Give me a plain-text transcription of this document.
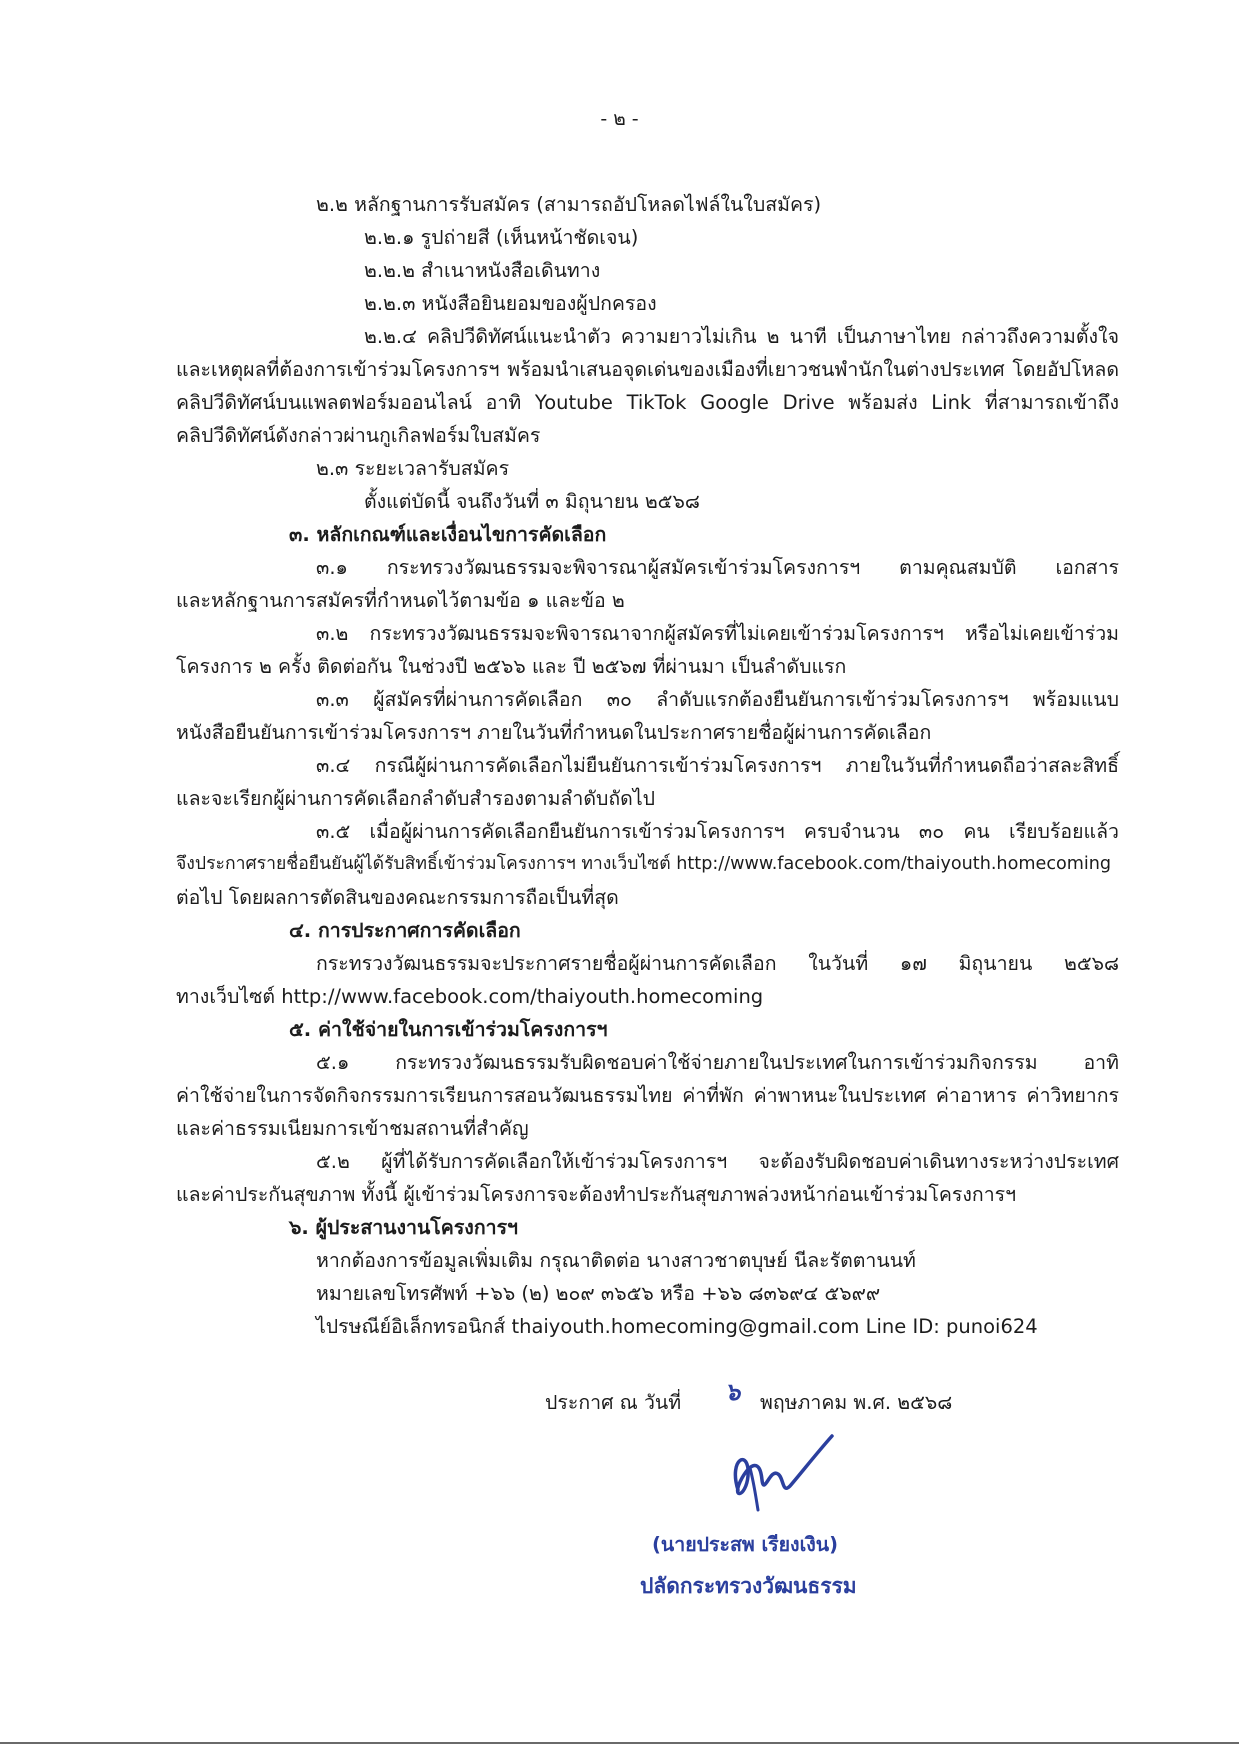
- ๒ -
๒.๒ หลักฐานการรับสมัคร (สามารถอัปโหลดไฟล์ในใบสมัคร)
๒.๒.๑ รูปถ่ายสี (เห็นหน้าชัดเจน)
๒.๒.๒ สำเนาหนังสือเดินทาง
๒.๒.๓ หนังสือยินยอมของผู้ปกครอง
๒.๒.๔ คลิปวีดิทัศน์แนะนำตัว ความยาวไม่เกิน ๒ นาที เป็นภาษาไทย กล่าวถึงความตั้งใจ
และเหตุผลที่ต้องการเข้าร่วมโครงการฯ พร้อมนำเสนอจุดเด่นของเมืองที่เยาวชนพำนักในต่างประเทศ โดยอัปโหลด
คลิปวีดิทัศน์บนแพลตฟอร์มออนไลน์ อาทิ Youtube TikTok Google Drive พร้อมส่ง Link ที่สามารถเข้าถึง
คลิปวีดิทัศน์ดังกล่าวผ่านกูเกิลฟอร์มใบสมัคร
๒.๓ ระยะเวลารับสมัคร
ตั้งแต่บัดนี้ จนถึงวันที่ ๓ มิถุนายน ๒๕๖๘
๓. หลักเกณฑ์และเงื่อนไขการคัดเลือก
๓.๑ กระทรวงวัฒนธรรมจะพิจารณาผู้สมัครเข้าร่วมโครงการฯ ตามคุณสมบัติ เอกสาร
และหลักฐานการสมัครที่กำหนดไว้ตามข้อ ๑ และข้อ ๒
๓.๒ กระทรวงวัฒนธรรมจะพิจารณาจากผู้สมัครที่ไม่เคยเข้าร่วมโครงการฯ หรือไม่เคยเข้าร่วม
โครงการ ๒ ครั้ง ติดต่อกัน ในช่วงปี ๒๕๖๖ และ ปี ๒๕๖๗ ที่ผ่านมา เป็นลำดับแรก
๓.๓ ผู้สมัครที่ผ่านการคัดเลือก ๓๐ ลำดับแรกต้องยืนยันการเข้าร่วมโครงการฯ พร้อมแนบ
หนังสือยืนยันการเข้าร่วมโครงการฯ ภายในวันที่กำหนดในประกาศรายชื่อผู้ผ่านการคัดเลือก
๓.๔ กรณีผู้ผ่านการคัดเลือกไม่ยืนยันการเข้าร่วมโครงการฯ ภายในวันที่กำหนดถือว่าสละสิทธิ์
และจะเรียกผู้ผ่านการคัดเลือกลำดับสำรองตามลำดับถัดไป
๓.๕ เมื่อผู้ผ่านการคัดเลือกยืนยันการเข้าร่วมโครงการฯ ครบจำนวน ๓๐ คน เรียบร้อยแล้ว
จึงประกาศรายชื่อยืนยันผู้ได้รับสิทธิ์เข้าร่วมโครงการฯ ทางเว็บไซต์ http://www.facebook.com/thaiyouth.homecoming
ต่อไป โดยผลการตัดสินของคณะกรรมการถือเป็นที่สุด
๔. การประกาศการคัดเลือก
กระทรวงวัฒนธรรมจะประกาศรายชื่อผู้ผ่านการคัดเลือก ในวันที่ ๑๗ มิถุนายน ๒๕๖๘
ทางเว็บไซต์ http://www.facebook.com/thaiyouth.homecoming
๕. ค่าใช้จ่ายในการเข้าร่วมโครงการฯ
๕.๑ กระทรวงวัฒนธรรมรับผิดชอบค่าใช้จ่ายภายในประเทศในการเข้าร่วมกิจกรรม อาทิ
ค่าใช้จ่ายในการจัดกิจกรรมการเรียนการสอนวัฒนธรรมไทย ค่าที่พัก ค่าพาหนะในประเทศ ค่าอาหาร ค่าวิทยากร
และค่าธรรมเนียมการเข้าชมสถานที่สำคัญ
๕.๒ ผู้ที่ได้รับการคัดเลือกให้เข้าร่วมโครงการฯ จะต้องรับผิดชอบค่าเดินทางระหว่างประเทศ
และค่าประกันสุขภาพ ทั้งนี้ ผู้เข้าร่วมโครงการจะต้องทำประกันสุขภาพล่วงหน้าก่อนเข้าร่วมโครงการฯ
๖. ผู้ประสานงานโครงการฯ
หากต้องการข้อมูลเพิ่มเติม กรุณาติดต่อ นางสาวชาตบุษย์ นีละรัตตานนท์
หมายเลขโทรศัพท์ +๖๖ (๒) ๒๐๙ ๓๖๕๖ หรือ +๖๖ ๘๓๖๙๔ ๕๖๙๙
ไปรษณีย์อิเล็กทรอนิกส์ thaiyouth.homecoming@gmail.com Line ID: punoi624
ประกาศ ณ วันที่ ๖ พฤษภาคม พ.ศ. ๒๕๖๘
(นายประสพ เรียงเงิน)
ปลัดกระทรวงวัฒนธรรม
